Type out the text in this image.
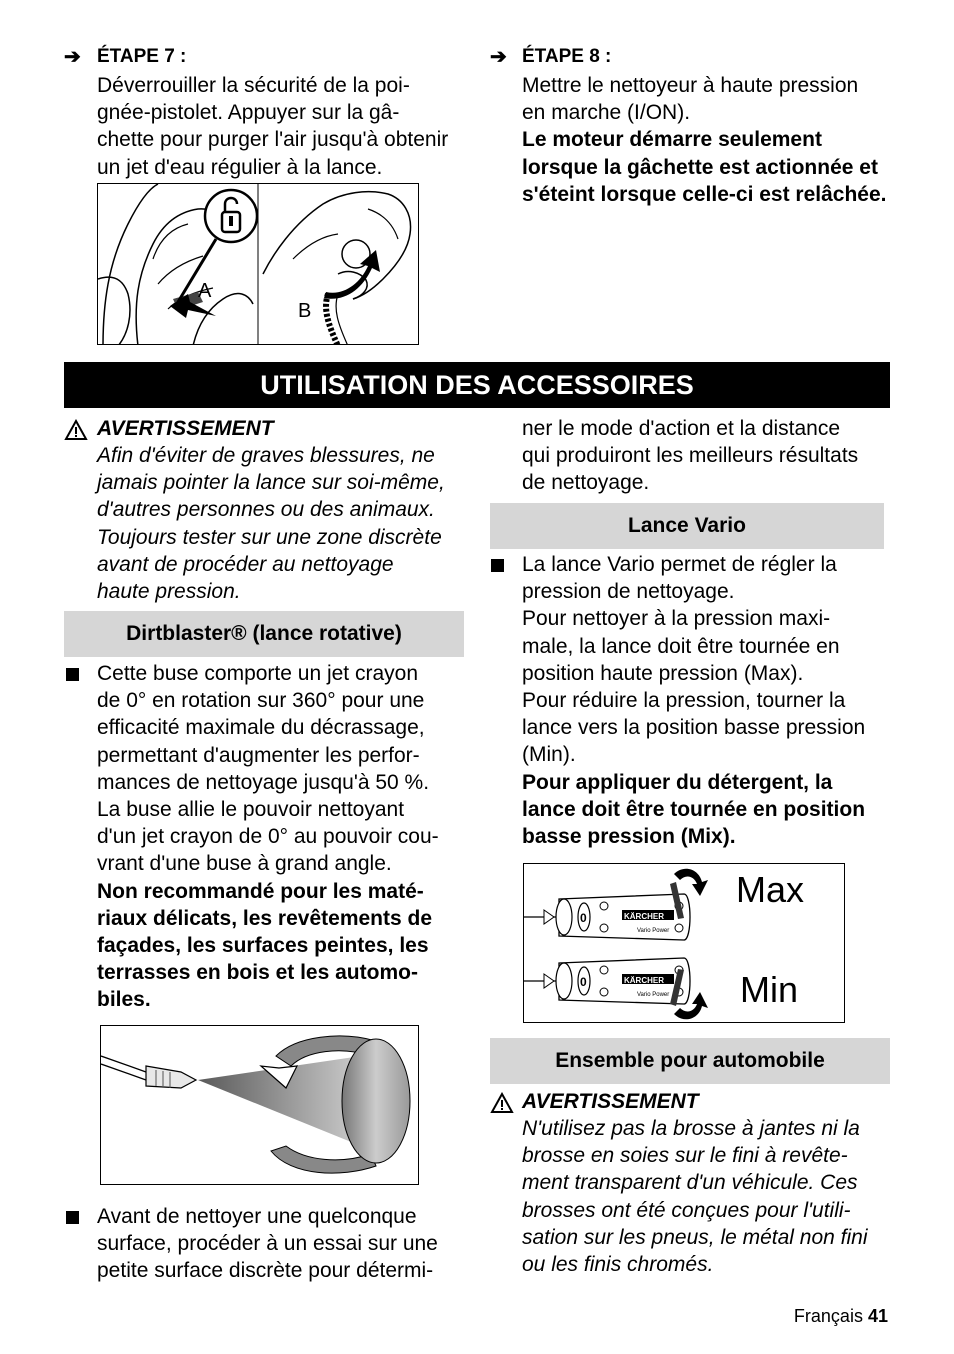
➔ ÉTAPE 7 :
Déverrouiller la sécurité de la poi-
gnée-pistolet. Appuyer sur la gâ-
chette pour purger l'air jusqu'à obtenir
un jet d'eau régulier à la lance.
A
B
➔ ÉTAPE 8 :
Mettre le nettoyeur à haute pression
en marche (I/ON).
Le moteur démarre seulement
lorsque la gâchette est actionnée et
s'éteint lorsque celle-ci est relâchée.
UTILISATION DES ACCESSOIRES
AVERTISSEMENT
Afin d'éviter de graves blessures, ne
jamais pointer la lance sur soi-même,
d'autres personnes ou des animaux.
Toujours tester sur une zone discrète
avant de procéder au nettoyage
haute pression.
Dirtblaster® (lance rotative)
Cette buse comporte un jet crayon
de 0° en rotation sur 360° pour une
efficacité maximale du décrassage,
permettant d'augmenter les perfor-
mances de nettoyage jusqu'à 50 %.
La buse allie le pouvoir nettoyant
d'un jet crayon de 0° au pouvoir cou-
vrant d'une buse à grand angle.
Non recommandé pour les maté-
riaux délicats, les revêtements de
façades, les surfaces peintes, les
terrasses en bois et les automo-
biles.
Avant de nettoyer une quelconque
surface, procéder à un essai sur une
petite surface discrète pour détermi-
ner le mode d'action et la distance
qui produiront les meilleurs résultats
de nettoyage.
Lance Vario
La lance Vario permet de régler la
pression de nettoyage.
Pour nettoyer à la pression maxi-
male, la lance doit être tournée en
position haute pression (Max).
Pour réduire la pression, tourner la
lance vers la position basse pression
(Min).
Pour appliquer du détergent, la
lance doit être tournée en position
basse pression (Mix).
0	KÄRCHER
Vario Power
Max
0	KÄRCHER
Vario Power Min
Ensemble pour automobile
AVERTISSEMENT
N'utilisez pas la brosse à jantes ni la
brosse en soies sur le fini à revête-
ment transparent d'un véhicule. Ces
brosses ont été conçues pour l'utili-
sation sur les pneus, le métal non fini
ou les finis chromés.
Français 41
